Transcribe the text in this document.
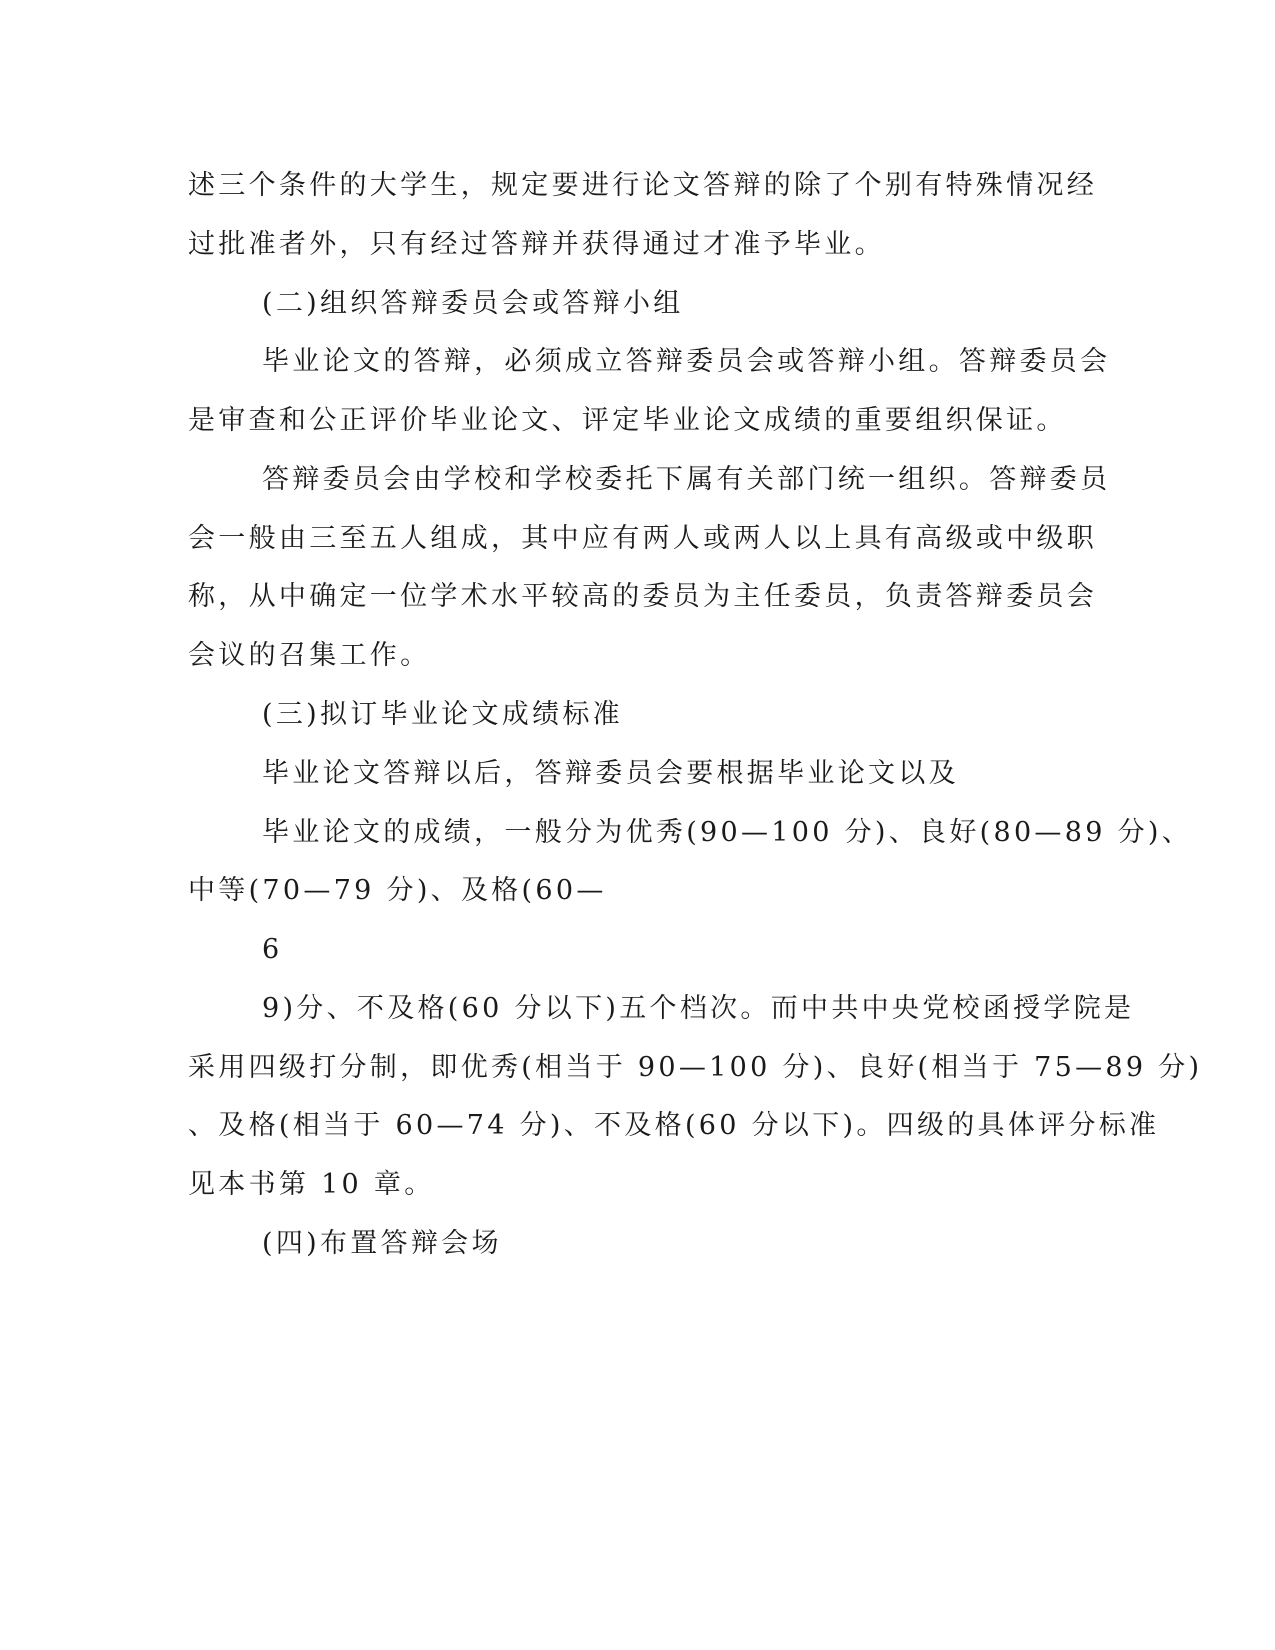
述三个条件的大学生，规定要进行论文答辩的除了个别有特殊情况经

过批准者外，只有经过答辩并获得通过才准予毕业。

(二)组织答辩委员会或答辩小组

毕业论文的答辩，必须成立答辩委员会或答辩小组。答辩委员会

是审查和公正评价毕业论文、评定毕业论文成绩的重要组织保证。

答辩委员会由学校和学校委托下属有关部门统一组织。答辩委员

会一般由三至五人组成，其中应有两人或两人以上具有高级或中级职

称，从中确定一位学术水平较高的委员为主任委员，负责答辩委员会

会议的召集工作。

(三)拟订毕业论文成绩标准

毕业论文答辩以后，答辩委员会要根据毕业论文以及

毕业论文的成绩，一般分为优秀(90—100 分)、良好(80—89 分)、

中等(70—79 分)、及格(60—

6

9)分、不及格(60 分以下)五个档次。而中共中央党校函授学院是

采用四级打分制，即优秀(相当于 90—100 分)、良好(相当于 75—89 分)

、及格(相当于 60—74 分)、不及格(60 分以下)。四级的具体评分标准

见本书第 10 章。

(四)布置答辩会场
